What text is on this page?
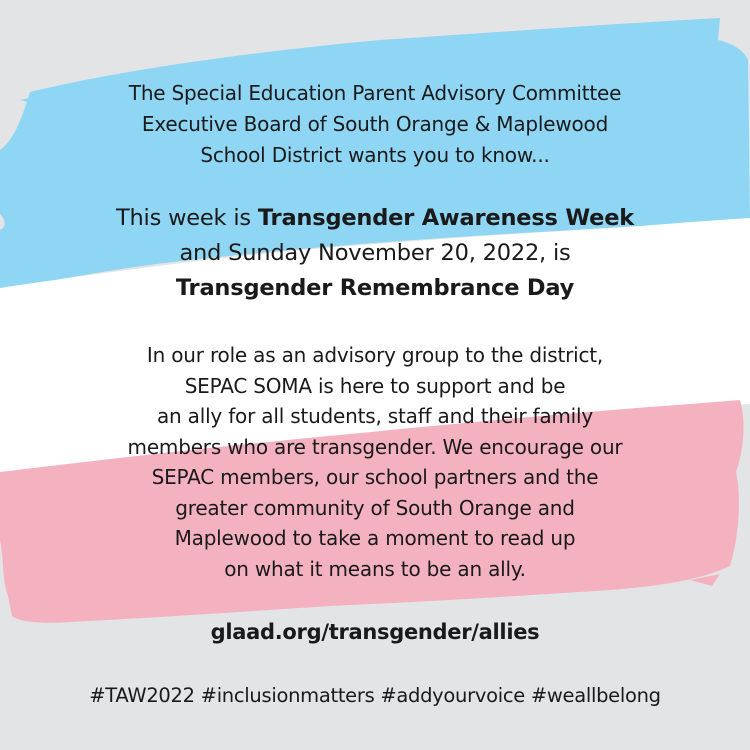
The Special Education Parent Advisory Committee
Executive Board of South Orange & Maplewood
School District wants you to know...
This week is Transgender Awareness Week
and Sunday November 20, 2022, is
Transgender Remembrance Day
In our role as an advisory group to the district,
SEPAC SOMA is here to support and be
an ally for all students, staff and their family
members who are transgender. We encourage our
SEPAC members, our school partners and the
greater community of South Orange and
Maplewood to take a moment to read up
on what it means to be an ally.
glaad.org/transgender/allies
#TAW2022 #inclusionmatters #addyourvoice #weallbelong
